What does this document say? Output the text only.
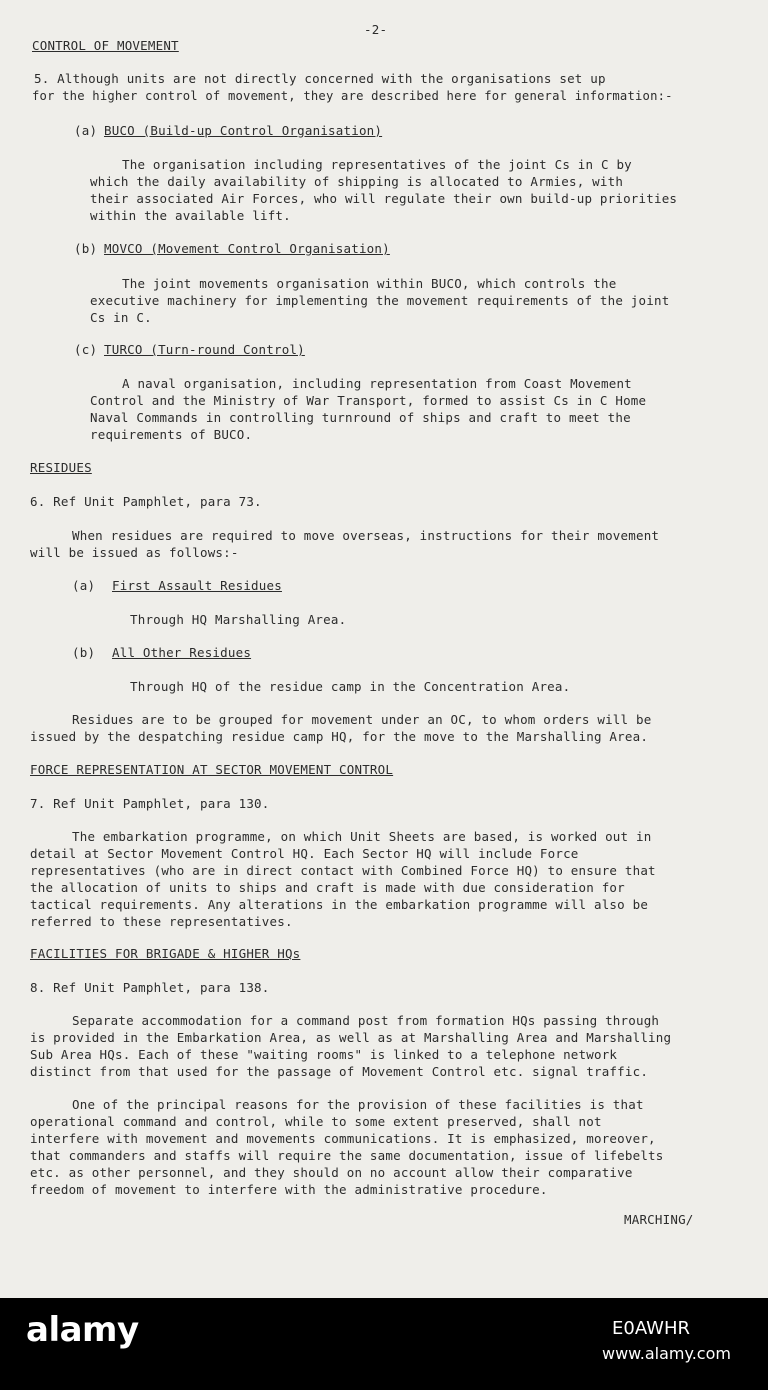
-2-
CONTROL OF MOVEMENT
5. Although units are not directly concerned with the organisations set up
for the higher control of movement, they are described here for general information:-
(a) BUCO (Build-up Control Organisation)
The organisation including representatives of the joint Cs in C by
which the daily availability of shipping is allocated to Armies, with
their associated Air Forces, who will regulate their own build-up priorities
within the available lift.
(b) MOVCO (Movement Control Organisation)
The joint movements organisation within BUCO, which controls the
executive machinery for implementing the movement requirements of the joint
Cs in C.
(c) TURCO (Turn-round Control)
A naval organisation, including representation from Coast Movement
Control and the Ministry of War Transport, formed to assist Cs in C Home
Naval Commands in controlling turnround of ships and craft to meet the
requirements of BUCO.
RESIDUES
6. Ref Unit Pamphlet, para 73.
When residues are required to move overseas, instructions for their movement
will be issued as follows:-
(a) First Assault Residues
Through HQ Marshalling Area.
(b) All Other Residues
Through HQ of the residue camp in the Concentration Area.
Residues are to be grouped for movement under an OC, to whom orders will be
issued by the despatching residue camp HQ, for the move to the Marshalling Area.
FORCE REPRESENTATION AT SECTOR MOVEMENT CONTROL
7. Ref Unit Pamphlet, para 130.
The embarkation programme, on which Unit Sheets are based, is worked out in
detail at Sector Movement Control HQ. Each Sector HQ will include Force
representatives (who are in direct contact with Combined Force HQ) to ensure that
the allocation of units to ships and craft is made with due consideration for
tactical requirements. Any alterations in the embarkation programme will also be
referred to these representatives.
FACILITIES FOR BRIGADE & HIGHER HQs
8. Ref Unit Pamphlet, para 138.
Separate accommodation for a command post from formation HQs passing through
is provided in the Embarkation Area, as well as at Marshalling Area and Marshalling
Sub Area HQs. Each of these "waiting rooms" is linked to a telephone network
distinct from that used for the passage of Movement Control etc. signal traffic.
One of the principal reasons for the provision of these facilities is that
operational command and control, while to some extent preserved, shall not
interfere with movement and movements communications. It is emphasized, moreover,
that commanders and staffs will require the same documentation, issue of lifebelts
etc. as other personnel, and they should on no account allow their comparative
freedom of movement to interfere with the administrative procedure.
MARCHING/
alamy	E0AWHR
www.alamy.com
